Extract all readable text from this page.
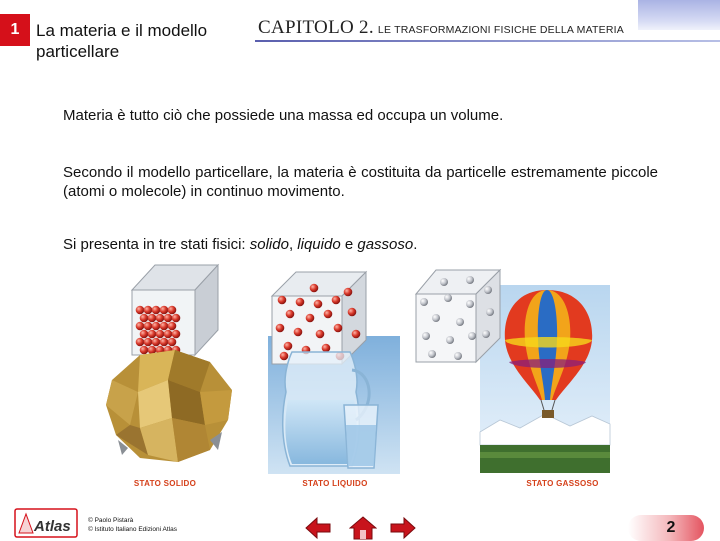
1 La materia e il modello particellare
CAPITOLO 2. LE TRASFORMAZIONI FISICHE DELLA MATERIA
Materia è tutto ciò che possiede una massa ed occupa un volume.
Secondo il modello particellare, la materia è costituita da particelle estremamente piccole (atomi o molecole) in continuo movimento.
Si presenta in tre stati fisici: solido, liquido e gassoso.
STATO SOLIDO	STATO LIQUIDO	STATO GASSOSO
Atlas	© Paolo Pistarà
© Istituto Italiano Edizioni Atlas	2
